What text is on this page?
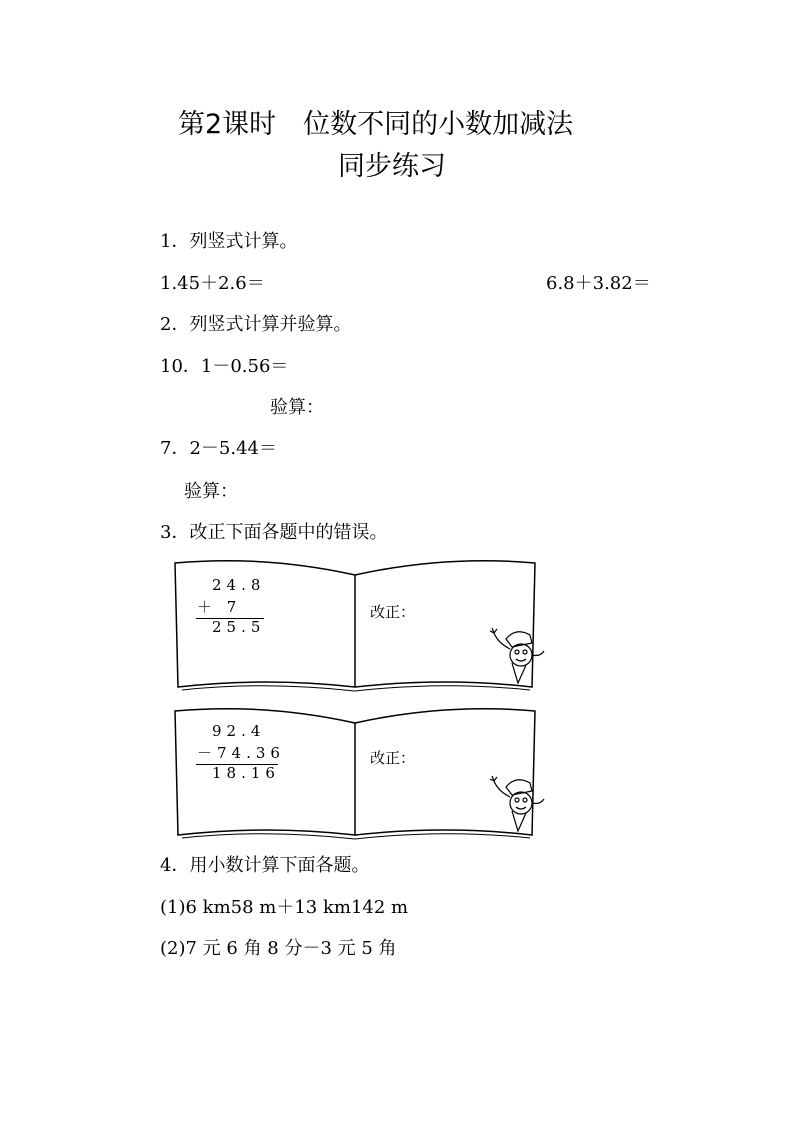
第2课时　位数不同的小数加减法
同步练习
1．列竖式计算。
1.45＋2.6＝	6.8＋3.82＝
2．列竖式计算并验算。
10．1－0.56＝
验算：
7．2－5.44＝
验算：
3．改正下面各题中的错误。
24.8
＋ 7
25.5
改正：
92.4
－74.36
18.16
改正：
4．用小数计算下面各题。
(1)6 km58 m＋13 km142 m
(2)7 元 6 角 8 分－3 元 5 角
